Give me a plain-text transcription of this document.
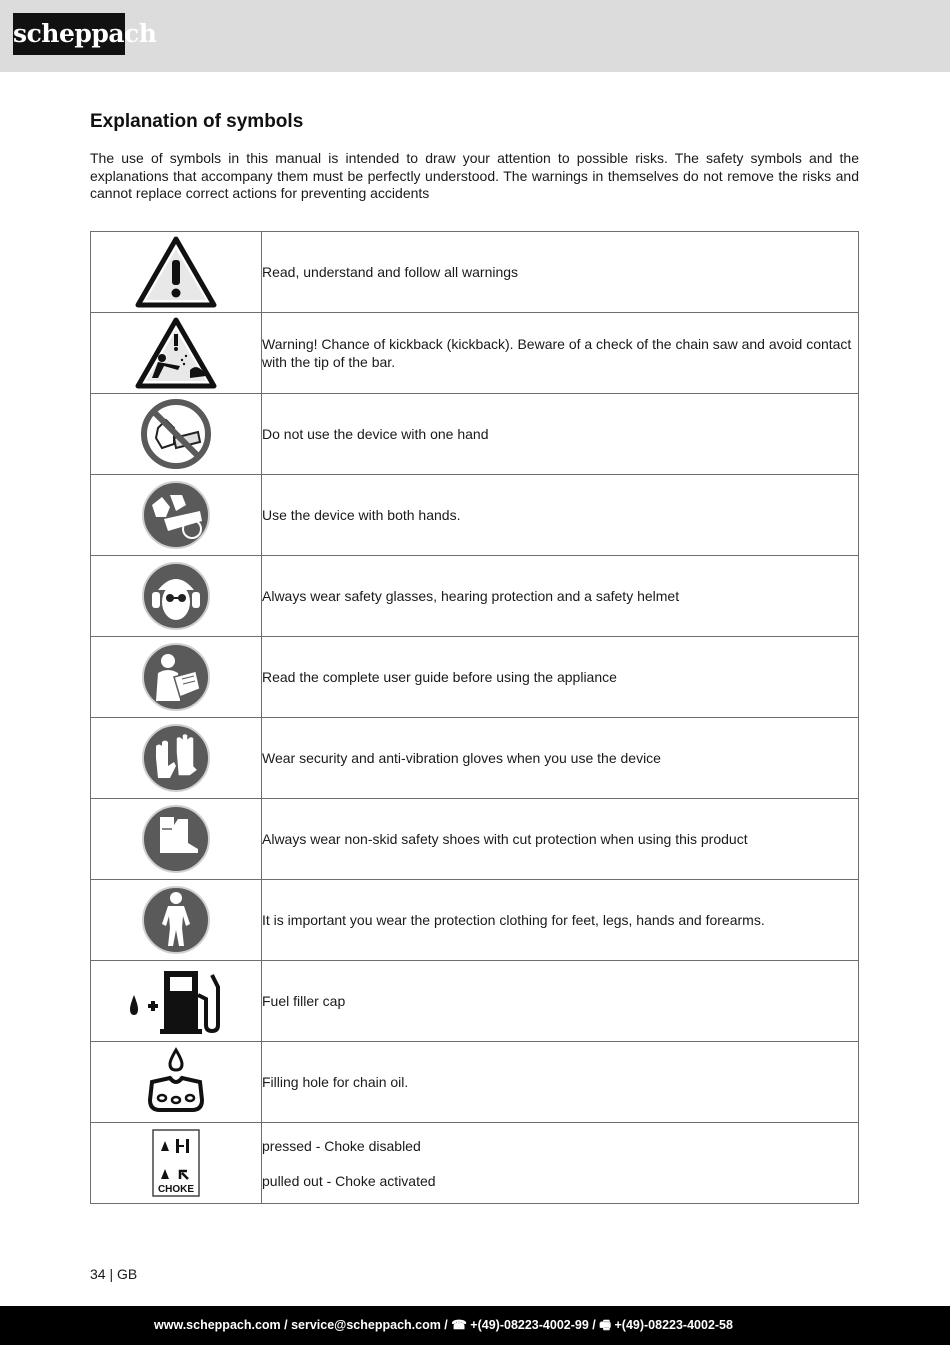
scheppach
Explanation of symbols

The use of symbols in this manual is intended to draw your attention to possible risks. The safety symbols and the explanations that accompany them must be perfectly understood. The warnings in themselves do not remove the risks and cannot replace correct actions for preventing accidents

	Read, understand and follow all warnings
	Warning! Chance of kickback (kickback). Beware of a check of the chain saw and avoid contact with the tip of the bar.
	Do not use the device with one hand
	Use the device with both hands.
	Always wear safety glasses, hearing protection and a safety helmet
	Read the complete user guide before using the appliance
	Wear security and anti-vibration gloves when you use the device
	Always wear non-skid safety shoes with cut protection when using this product
	It is important you wear the protection clothing for feet, legs, hands and forearms.
	Fuel filler cap
	Filling hole for chain oil.

CHOKE	pressed - Choke disabled

pulled out - Choke activated

34 | GB
www.scheppach.com / service@scheppach.com / ☎ +(49)-08223-4002-99 / 🖷 +(49)-08223-4002-58
